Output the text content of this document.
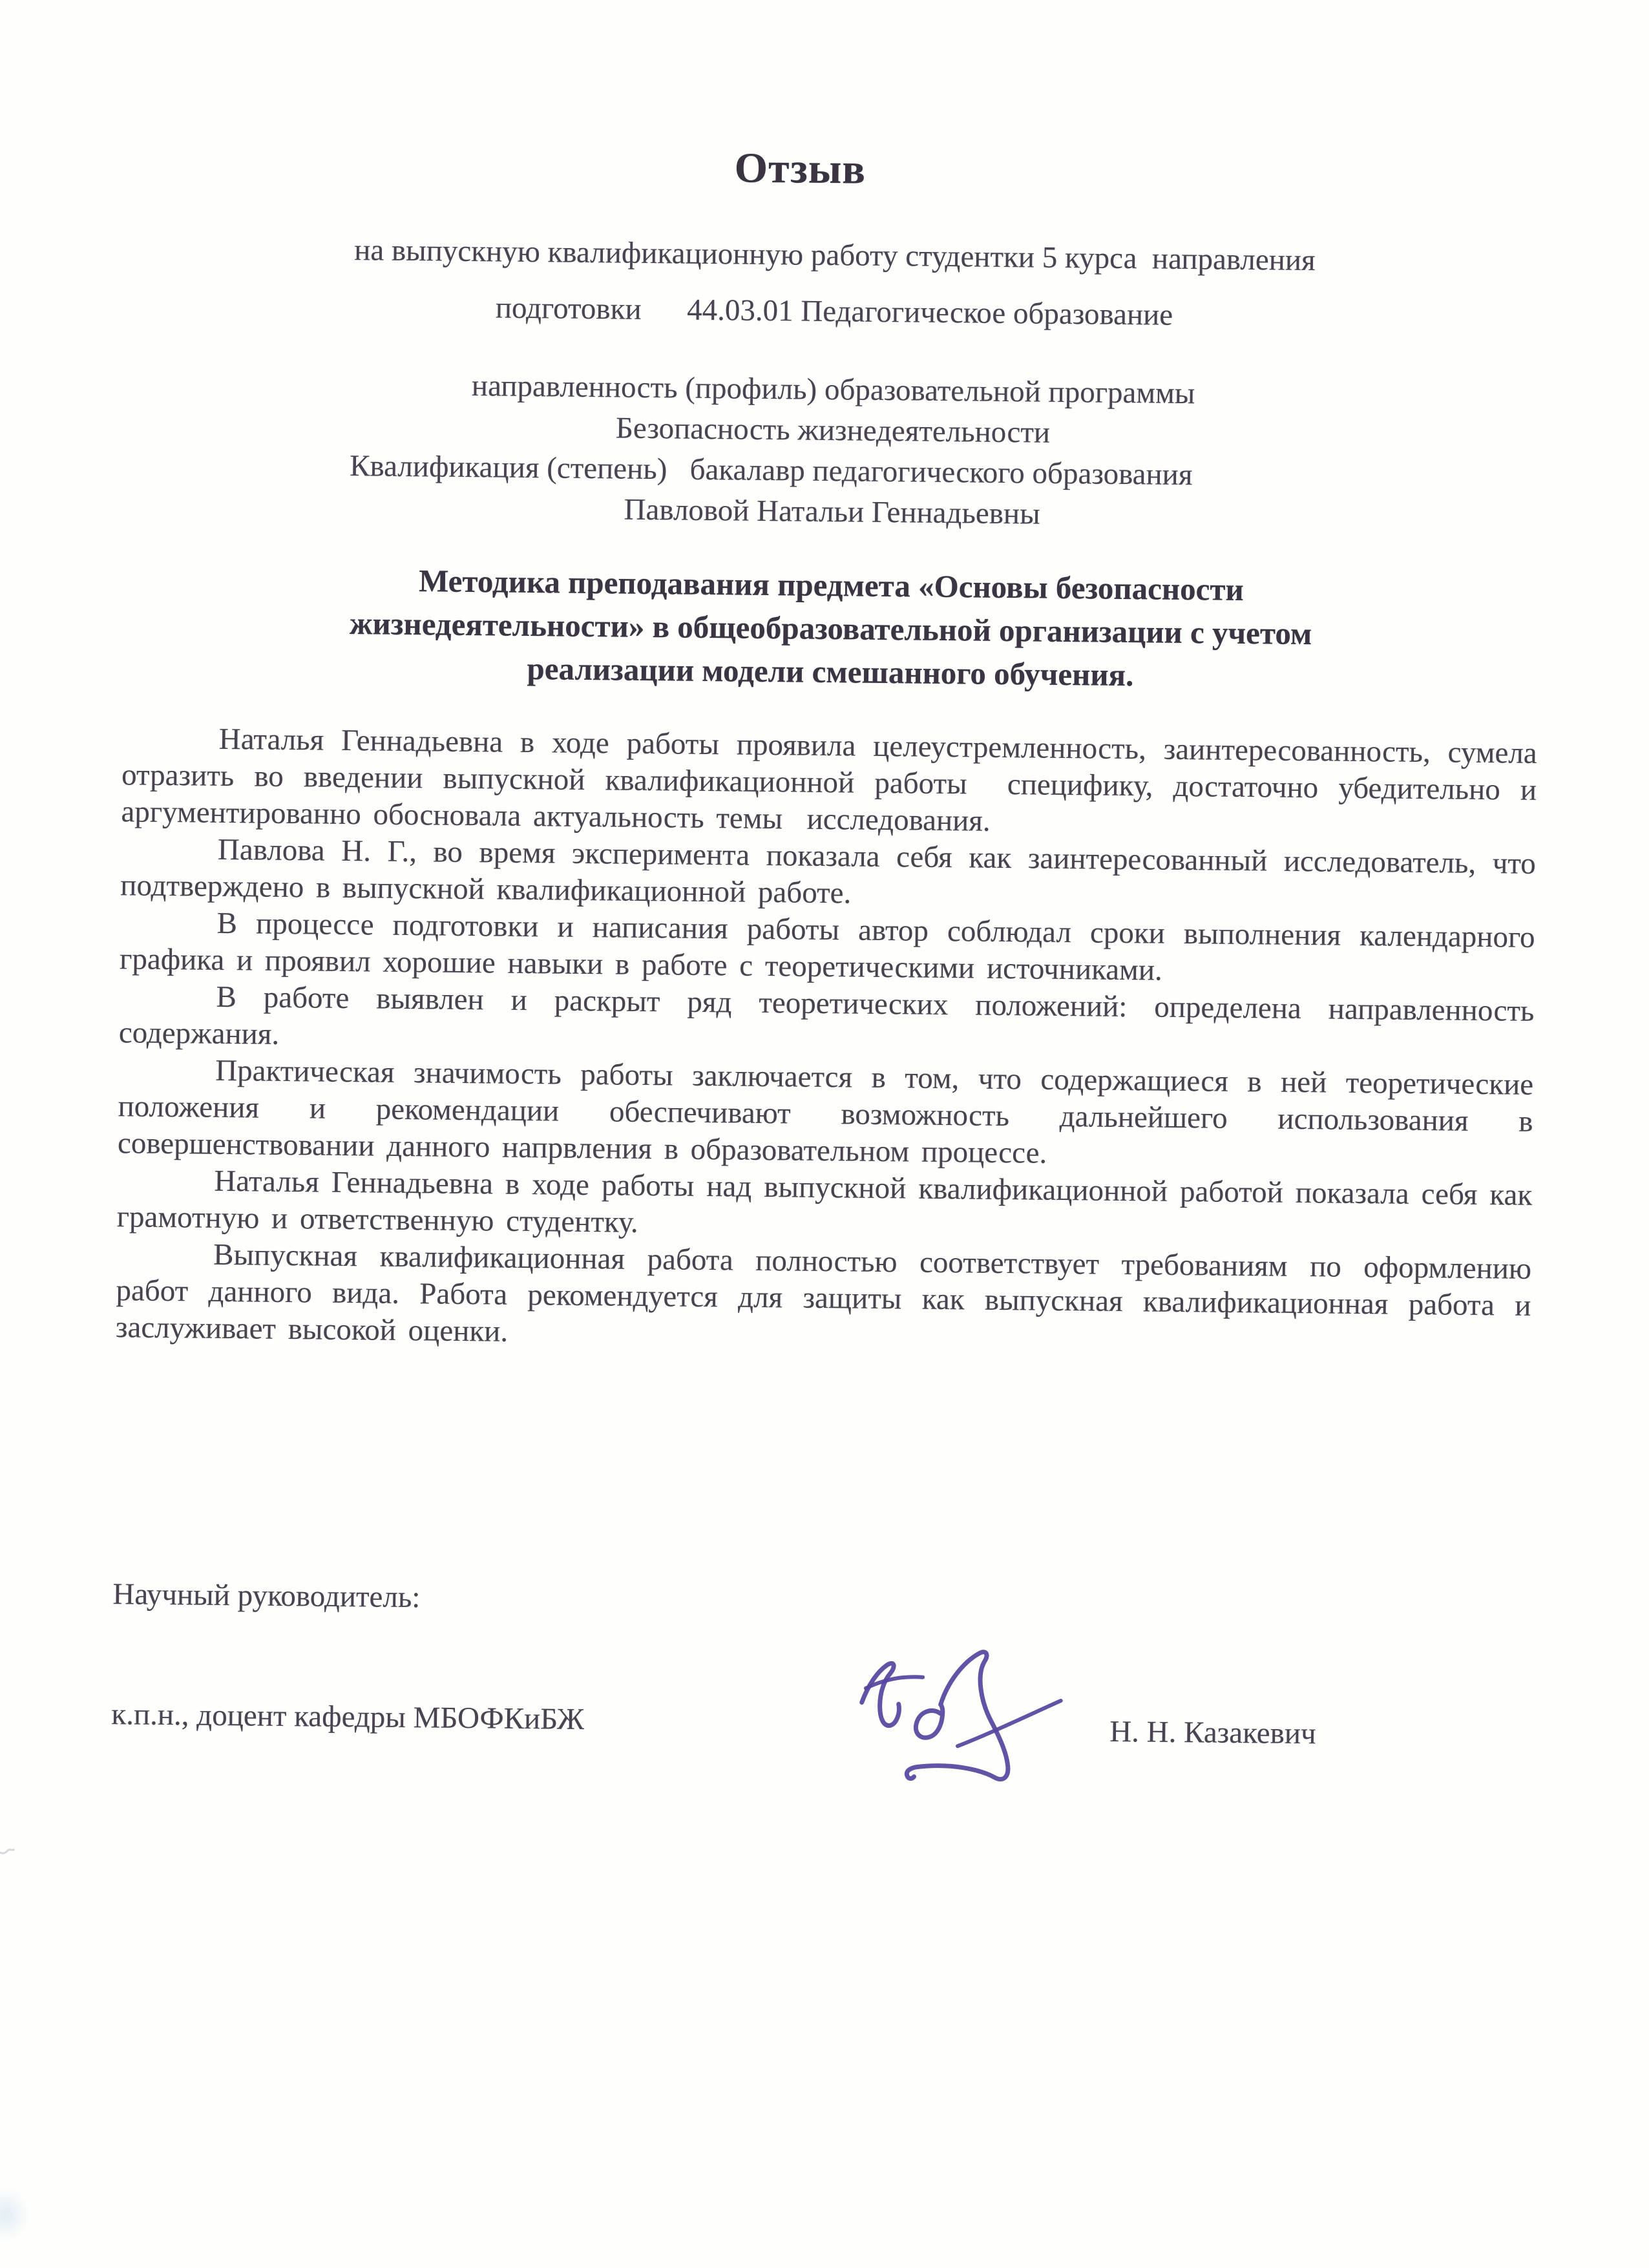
Отзыв
на выпускную квалификационную работу студентки 5 курса  направления
подготовки      44.03.01 Педагогическое образование
направленность (профиль) образовательной программы
Безопасность жизнедеятельности
Квалификация (степень)   бакалавр педагогического образования
Павловой Натальи Геннадьевны
Методика преподавания предмета «Основы безопасности
жизнедеятельности» в общеобразовательной организации с учетом
реализации модели смешанного обучения.

Наталья Геннадьевна в ходе работы проявила целеустремленность, заинтересованность, сумела отразить во введении выпускной квалификационной работы  специфику, достаточно убедительно и аргументированно обосновала актуальность темы  исследования.

Павлова Н. Г., во время эксперимента показала себя как заинтересованный исследователь, что подтверждено в выпускной квалификационной работе.

В процессе подготовки и написания работы автор соблюдал сроки выполнения календарного графика и проявил хорошие навыки в работе с теоретическими источниками.

В работе выявлен и раскрыт ряд теоретических положений: определена направленность содержания.

Практическая значимость работы заключается в том, что содержащиеся в ней теоретические положения и рекомендации обеспечивают возможность дальнейшего использования в совершенствовании данного напрвления в образовательном процессе.

Наталья Геннадьевна в ходе работы над выпускной квалификационной работой показала себя как грамотную и ответственную студентку.

Выпускная квалификационная работа полностью соответствует требованиям по оформлению работ данного вида. Работа рекомендуется для защиты как выпускная квалификационная работа и заслуживает высокой оценки.

Научный руководитель:
к.п.н., доцент кафедры МБОФКиБЖ	Н. Н. Казакевич
